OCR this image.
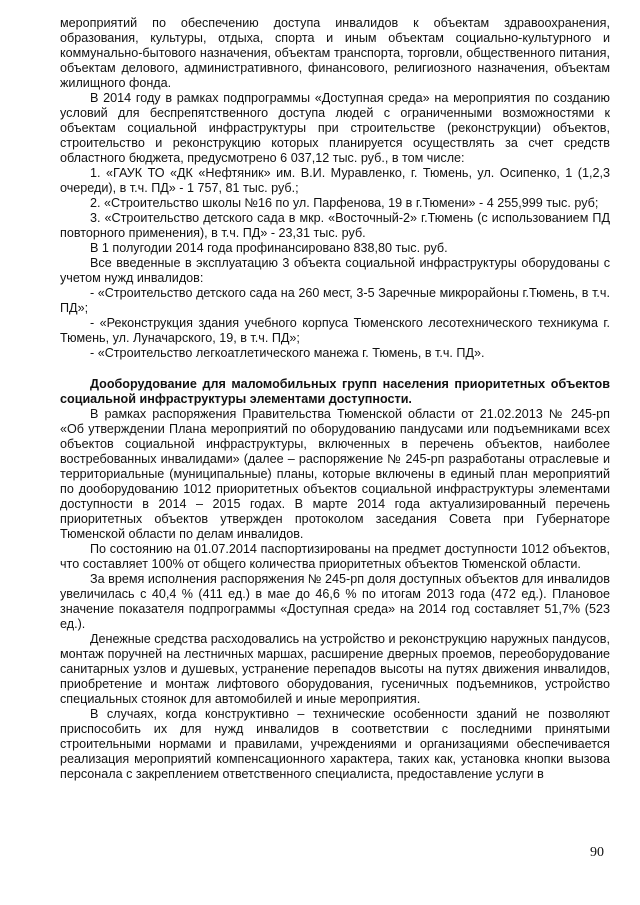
мероприятий по обеспечению доступа инвалидов к объектам здравоохранения, образования, культуры, отдыха, спорта и иным объектам социально-культурного и коммунально-бытового назначения, объектам транспорта, торговли, общественного питания, объектам делового, административного, финансового, религиозного назначения, объектам жилищного фонда.

В 2014 году в рамках подпрограммы «Доступная среда» на мероприятия по созданию условий для беспрепятственного доступа людей с ограниченными возможностями к объектам социальной инфраструктуры при строительстве (реконструкции) объектов, строительство и реконструкцию которых планируется осуществлять за счет средств областного бюджета, предусмотрено 6 037,12 тыс. руб., в том числе:

1. «ГАУК ТО «ДК «Нефтяник» им. В.И. Муравленко, г. Тюмень, ул. Осипенко, 1 (1,2,3 очереди), в т.ч. ПД» - 1 757, 81 тыс. руб.;

2. «Строительство школы №16 по ул. Парфенова, 19 в г.Тюмени» - 4 255,999 тыс. руб;

3. «Строительство детского сада в мкр. «Восточный-2» г.Тюмень (с использованием ПД повторного применения), в т.ч. ПД» - 23,31 тыс. руб.

В 1 полугодии 2014 года профинансировано 838,80 тыс. руб.

Все введенные в эксплуатацию 3 объекта социальной инфраструктуры оборудованы с учетом нужд инвалидов:

- «Строительство детского сада на 260 мест, 3-5 Заречные микрорайоны г.Тюмень, в т.ч. ПД»;

- «Реконструкция здания учебного корпуса Тюменского лесотехнического техникума г. Тюмень, ул. Луначарского, 19, в т.ч. ПД»;

- «Строительство легкоатлетического манежа г. Тюмень, в т.ч. ПД».

Дооборудование для маломобильных групп населения приоритетных объектов социальной инфраструктуры элементами доступности.

В рамках распоряжения Правительства Тюменской области от 21.02.2013 № 245-рп «Об утверждении Плана мероприятий по оборудованию пандусами или подъемниками всех объектов социальной инфраструктуры, включенных в перечень объектов, наиболее востребованных инвалидами» (далее – распоряжение № 245-рп разработаны отраслевые и территориальные (муниципальные) планы, которые включены в единый план мероприятий по дооборудованию 1012 приоритетных объектов социальной инфраструктуры элементами доступности в 2014 – 2015 годах. В марте 2014 года актуализированный перечень приоритетных объектов утвержден протоколом заседания Совета при Губернаторе Тюменской области по делам инвалидов.

По состоянию на 01.07.2014 паспортизированы на предмет доступности 1012 объектов, что составляет 100% от общего количества приоритетных объектов Тюменской области.

За время исполнения распоряжения № 245-рп доля доступных объектов для инвалидов увеличилась с 40,4 % (411 ед.) в мае до 46,6 % по итогам 2013 года (472 ед.). Плановое значение показателя подпрограммы «Доступная среда» на 2014 год составляет 51,7% (523 ед.).

Денежные средства расходовались на устройство и реконструкцию наружных пандусов, монтаж поручней на лестничных маршах, расширение дверных проемов, переоборудование санитарных узлов и душевых, устранение перепадов высоты на путях движения инвалидов, приобретение и монтаж лифтового оборудования, гусеничных подъемников, устройство специальных стоянок для автомобилей и иные мероприятия.

В случаях, когда конструктивно – технические особенности зданий не позволяют приспособить их для нужд инвалидов в соответствии с последними принятыми строительными нормами и правилами, учреждениями и организациями обеспечивается реализация мероприятий компенсационного характера, таких как, установка кнопки вызова персонала с закреплением ответственного специалиста, предоставление услуги в

90
